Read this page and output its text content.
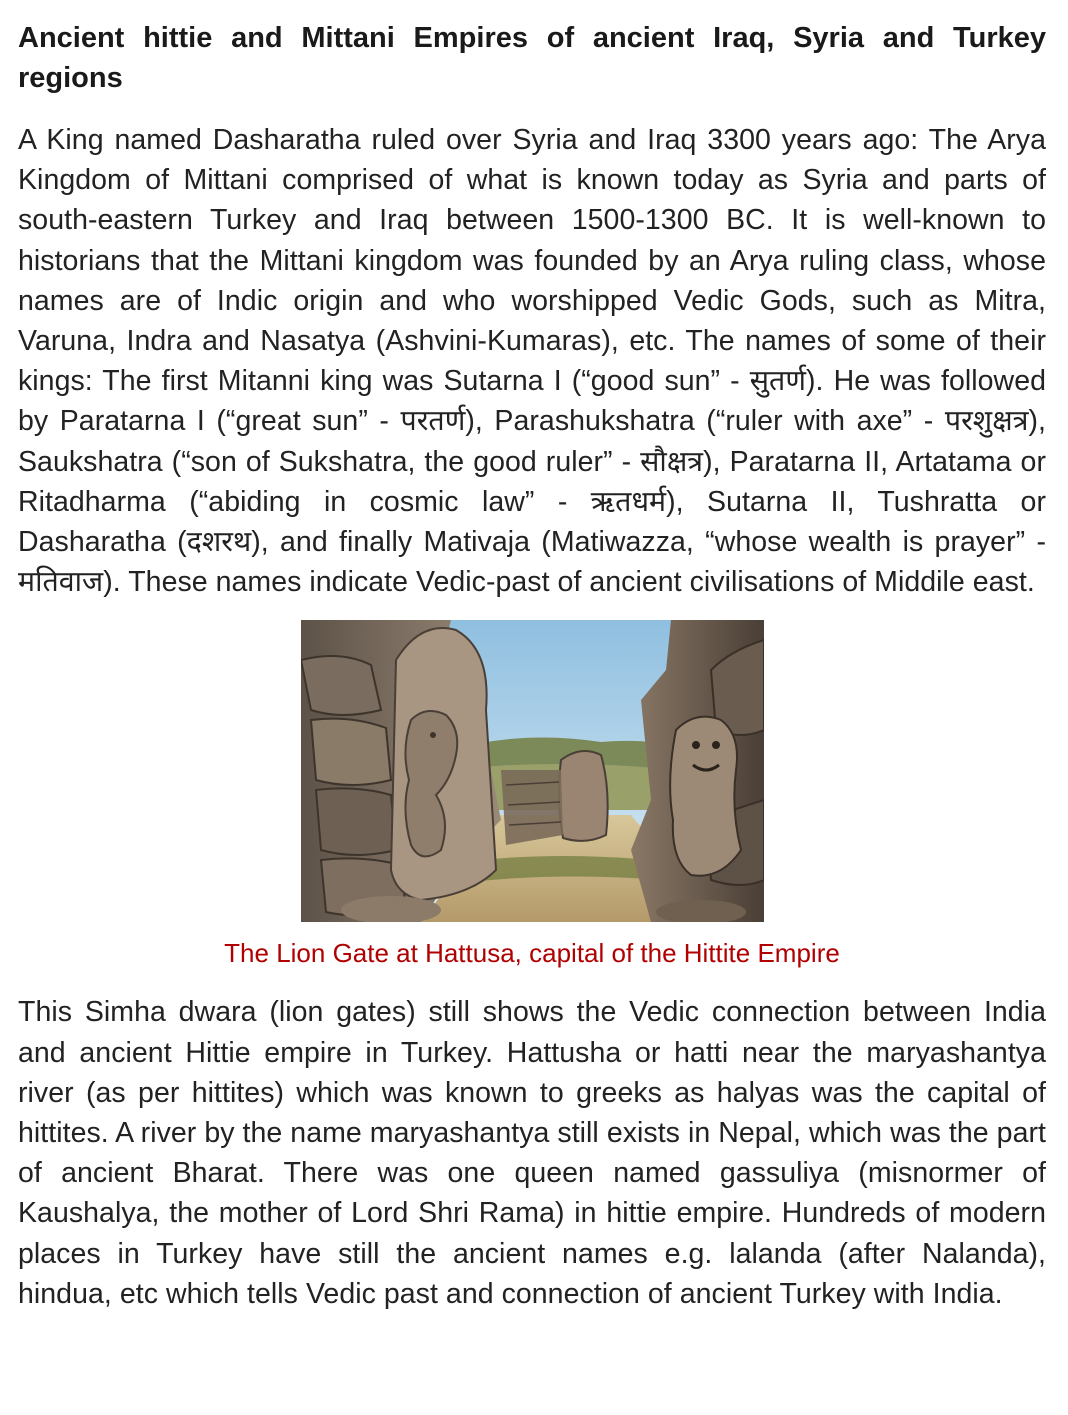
Ancient hittie and Mittani Empires of ancient Iraq, Syria and Turkey regions

A King named Dasharatha ruled over Syria and Iraq 3300 years ago: The Arya Kingdom of Mittani comprised of what is known today as Syria and parts of south-eastern Turkey and Iraq between 1500-1300 BC. It is well-known to historians that the Mittani kingdom was founded by an Arya ruling class, whose names are of Indic origin and who worshipped Vedic Gods, such as Mitra, Varuna, Indra and Nasatya (Ashvini-Kumaras), etc. The names of some of their kings: The first Mitanni king was Sutarna I (“good sun” - सुतर्ण). He was followed by Paratarna I (“great sun” - परतर्ण), Parashukshatra (“ruler with axe” - परशुक्षत्र), Saukshatra (“son of Sukshatra, the good ruler” - सौक्षत्र), Paratarna II, Artatama or Ritadharma (“abiding in cosmic law” - ऋतधर्म), Sutarna II, Tushratta or Dasharatha (दशरथ), and finally Mativaja (Matiwazza, “whose wealth is prayer” - मतिवाज). These names indicate Vedic-past of ancient civilisations of Middile east.

The Lion Gate at Hattusa, capital of the Hittite Empire

This Simha dwara (lion gates) still shows the Vedic connection between India and ancient Hittie empire in Turkey. Hattusha or hatti near the maryashantya river (as per hittites) which was known to greeks as halyas was the capital of hittites. A river by the name maryashantya still exists in Nepal, which was the part of ancient Bharat. There was one queen named gassuliya (misnormer of Kaushalya, the mother of Lord Shri Rama) in hittie empire. Hundreds of modern places in Turkey have still the ancient names e.g. lalanda (after Nalanda), hindua, etc which tells Vedic past and connection of ancient Turkey with India.
